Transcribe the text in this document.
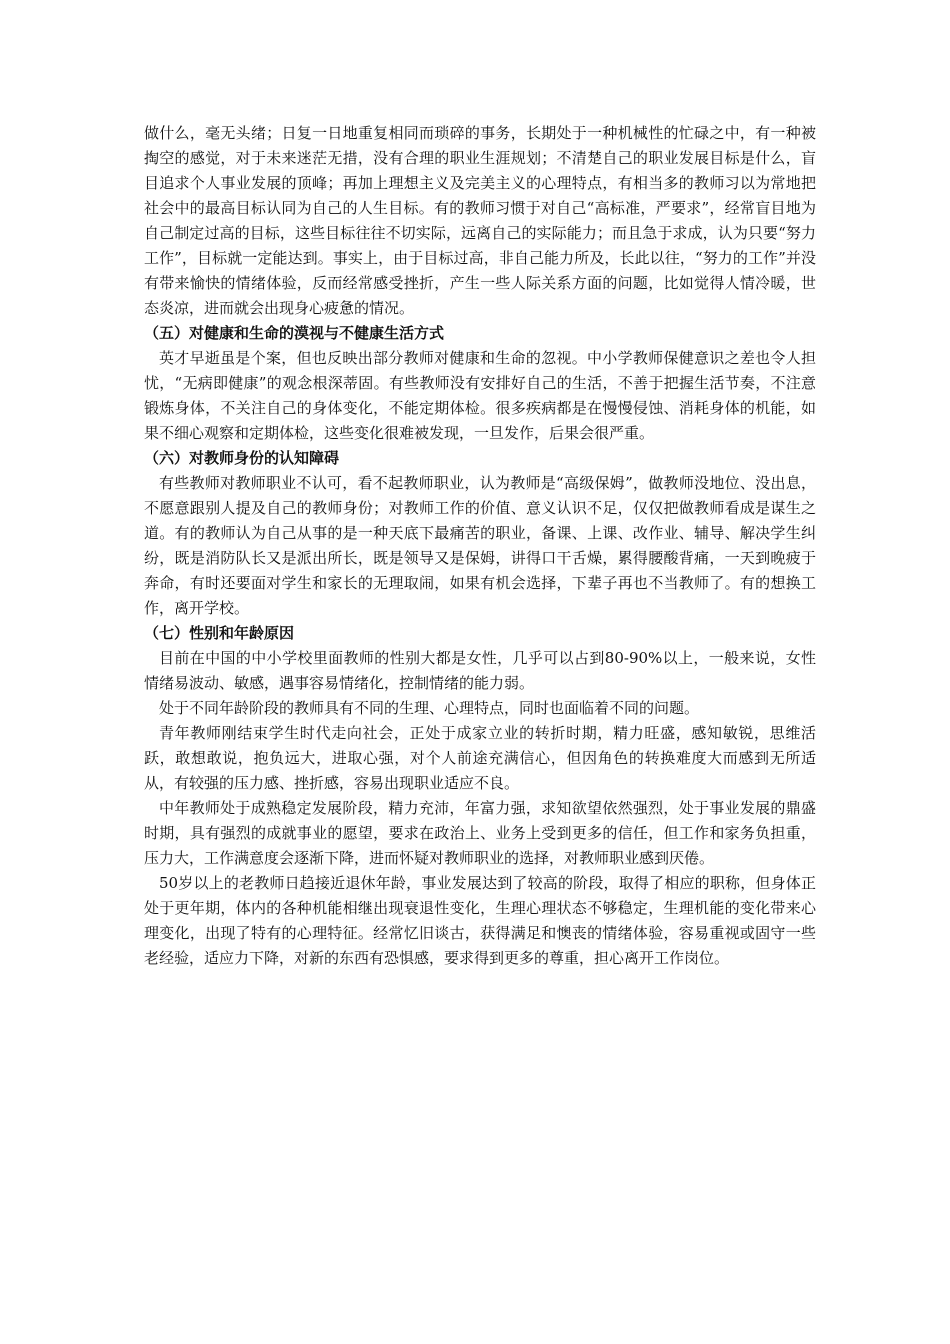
做什么，毫无头绪；日复一日地重复相同而琐碎的事务，长期处于一种机械性的忙碌之中，有一种被掏空的感觉，对于未来迷茫无措，没有合理的职业生涯规划；不清楚自己的职业发展目标是什么，盲目追求个人事业发展的顶峰；再加上理想主义及完美主义的心理特点，有相当多的教师习以为常地把社会中的最高目标认同为自己的人生目标。有的教师习惯于对自己“高标准，严要求”，经常盲目地为自己制定过高的目标，这些目标往往不切实际，远离自己的实际能力；而且急于求成，认为只要“努力工作”，目标就一定能达到。事实上，由于目标过高，非自己能力所及，长此以往，“努力的工作”并没有带来愉快的情绪体验，反而经常感受挫折，产生一些人际关系方面的问题，比如觉得人情冷暖，世态炎凉，进而就会出现身心疲惫的情况。

（五）对健康和生命的漠视与不健康生活方式

英才早逝虽是个案，但也反映出部分教师对健康和生命的忽视。中小学教师保健意识之差也令人担忧，“无病即健康”的观念根深蒂固。有些教师没有安排好自己的生活，不善于把握生活节奏，不注意锻炼身体，不关注自己的身体变化，不能定期体检。很多疾病都是在慢慢侵蚀、消耗身体的机能，如果不细心观察和定期体检，这些变化很难被发现，一旦发作，后果会很严重。

（六）对教师身份的认知障碍

有些教师对教师职业不认可，看不起教师职业，认为教师是“高级保姆”，做教师没地位、没出息，不愿意跟别人提及自己的教师身份；对教师工作的价值、意义认识不足，仅仅把做教师看成是谋生之道。有的教师认为自己从事的是一种天底下最痛苦的职业，备课、上课、改作业、辅导、解决学生纠纷，既是消防队长又是派出所长，既是领导又是保姆，讲得口干舌燥，累得腰酸背痛，一天到晚疲于奔命，有时还要面对学生和家长的无理取闹，如果有机会选择，下辈子再也不当教师了。有的想换工作，离开学校。

（七）性别和年龄原因

目前在中国的中小学校里面教师的性别大都是女性，几乎可以占到80-90%以上，一般来说，女性情绪易波动、敏感，遇事容易情绪化，控制情绪的能力弱。

处于不同年龄阶段的教师具有不同的生理、心理特点，同时也面临着不同的问题。

青年教师刚结束学生时代走向社会，正处于成家立业的转折时期，精力旺盛，感知敏锐，思维活跃，敢想敢说，抱负远大，进取心强，对个人前途充满信心，但因角色的转换难度大而感到无所适从，有较强的压力感、挫折感，容易出现职业适应不良。

中年教师处于成熟稳定发展阶段，精力充沛，年富力强，求知欲望依然强烈，处于事业发展的鼎盛时期，具有强烈的成就事业的愿望，要求在政治上、业务上受到更多的信任，但工作和家务负担重，压力大，工作满意度会逐渐下降，进而怀疑对教师职业的选择，对教师职业感到厌倦。

50岁以上的老教师日趋接近退休年龄，事业发展达到了较高的阶段，取得了相应的职称，但身体正处于更年期，体内的各种机能相继出现衰退性变化，生理心理状态不够稳定，生理机能的变化带来心理变化，出现了特有的心理特征。经常忆旧谈古，获得满足和懊丧的情绪体验，容易重视或固守一些老经验，适应力下降，对新的东西有恐惧感，要求得到更多的尊重，担心离开工作岗位。
